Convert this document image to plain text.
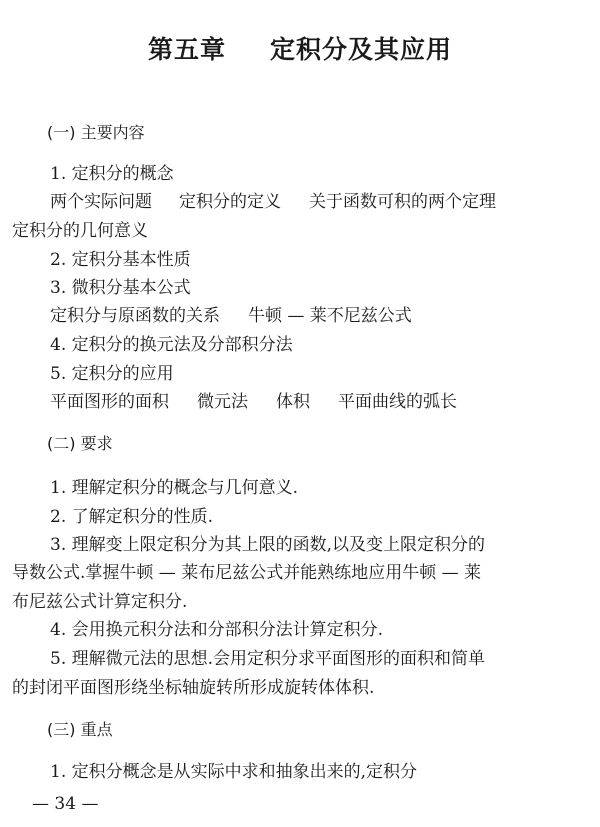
第五章 定积分及其应用
(一) 主要内容
1. 定积分的概念
两个实际问题 定积分的定义 关于函数可积的两个定理
定积分的几何意义
2. 定积分基本性质
3. 微积分基本公式
定积分与原函数的关系 牛顿 — 莱不尼兹公式
4. 定积分的换元法及分部积分法
5. 定积分的应用
平面图形的面积 微元法 体积 平面曲线的弧长
(二) 要求
1. 理解定积分的概念与几何意义.
2. 了解定积分的性质.
3. 理解变上限定积分为其上限的函数,以及变上限定积分的
导数公式.掌握牛顿 — 莱布尼兹公式并能熟练地应用牛顿 — 莱
布尼兹公式计算定积分.
4. 会用换元积分法和分部积分法计算定积分.
5. 理解微元法的思想.会用定积分求平面图形的面积和简单
的封闭平面图形绕坐标轴旋转所形成旋转体体积.
(三) 重点
1. 定积分概念是从实际中求和抽象出来的,定积分
— 34 —
